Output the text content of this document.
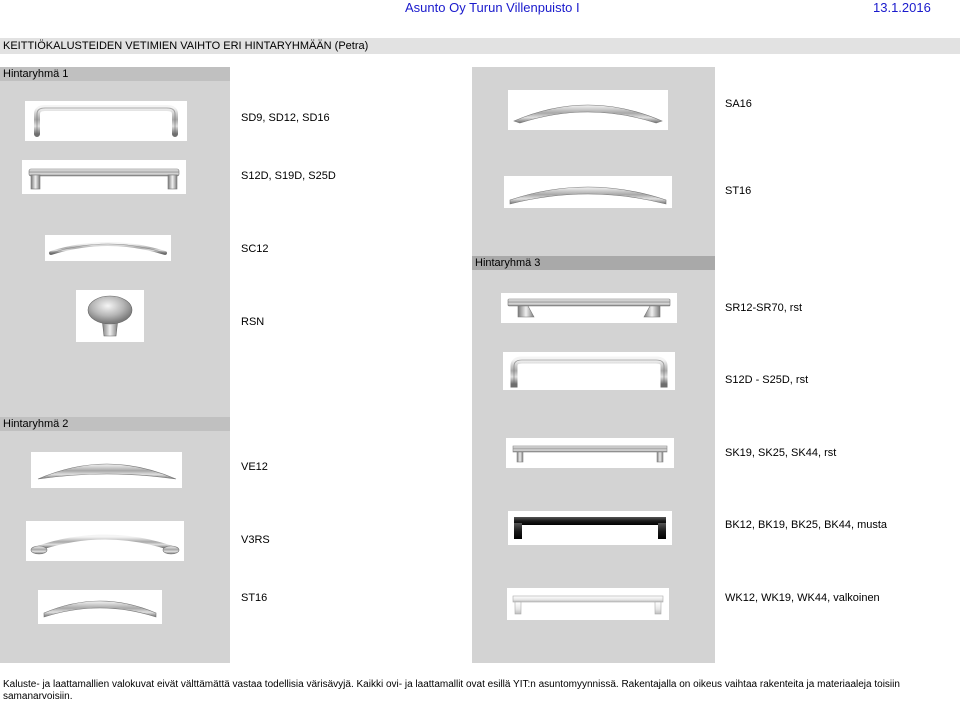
Asunto Oy Turun Villenpuisto I	13.1.2016
KEITTIÖKALUSTEIDEN VETIMIEN VAIHTO ERI HINTARYHMÄÄN (Petra)
Hintaryhmä 1
Hintaryhmä 2
Hintaryhmä 3
SD9, SD12, SD16
S12D, S19D, S25D
SC12
RSN
VE12
V3RS
ST16
SA16
ST16
SR12-SR70, rst
S12D - S25D, rst
SK19, SK25, SK44, rst
BK12, BK19, BK25, BK44, musta
WK12, WK19, WK44, valkoinen
Kaluste- ja laattamallien valokuvat eivät välttämättä vastaa todellisia värisävyjä. Kaikki ovi- ja laattamallit ovat esillä YIT:n asuntomyynnissä. Rakentajalla on oikeus vaihtaa rakenteita ja materiaaleja toisiin samanarvoisiin.
